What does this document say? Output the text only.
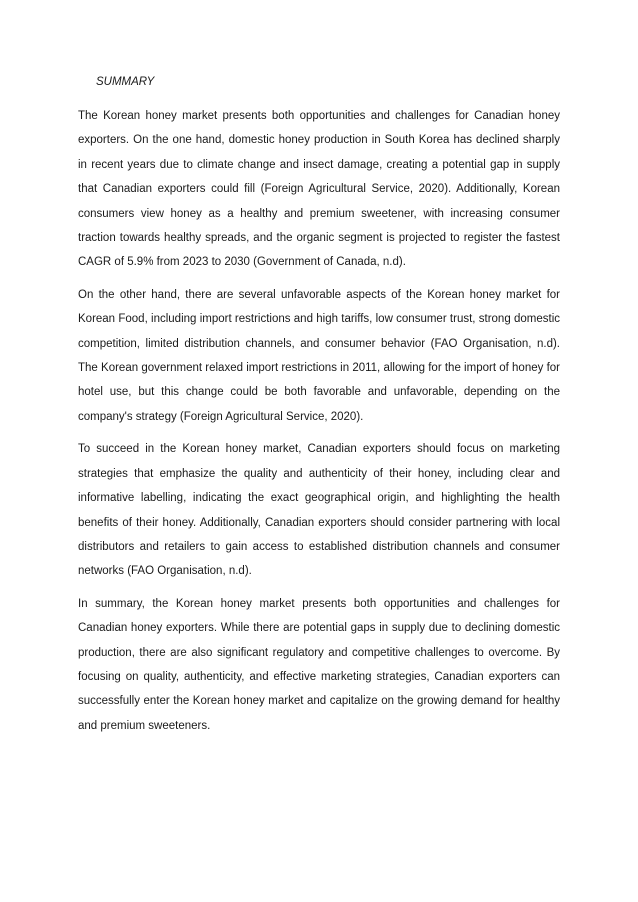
SUMMARY

The Korean honey market presents both opportunities and challenges for Canadian honey exporters. On the one hand, domestic honey production in South Korea has declined sharply in recent years due to climate change and insect damage, creating a potential gap in supply that Canadian exporters could fill (Foreign Agricultural Service, 2020). Additionally, Korean consumers view honey as a healthy and premium sweetener, with increasing consumer traction towards healthy spreads, and the organic segment is projected to register the fastest CAGR of 5.9% from 2023 to 2030 (Government of Canada, n.d).

On the other hand, there are several unfavorable aspects of the Korean honey market for Korean Food, including import restrictions and high tariffs, low consumer trust, strong domestic competition, limited distribution channels, and consumer behavior (FAO Organisation, n.d). The Korean government relaxed import restrictions in 2011, allowing for the import of honey for hotel use, but this change could be both favorable and unfavorable, depending on the company's strategy (Foreign Agricultural Service, 2020).

To succeed in the Korean honey market, Canadian exporters should focus on marketing strategies that emphasize the quality and authenticity of their honey, including clear and informative labelling, indicating the exact geographical origin, and highlighting the health benefits of their honey. Additionally, Canadian exporters should consider partnering with local distributors and retailers to gain access to established distribution channels and consumer networks (FAO Organisation, n.d).

In summary, the Korean honey market presents both opportunities and challenges for Canadian honey exporters. While there are potential gaps in supply due to declining domestic production, there are also significant regulatory and competitive challenges to overcome. By focusing on quality, authenticity, and effective marketing strategies, Canadian exporters can successfully enter the Korean honey market and capitalize on the growing demand for healthy and premium sweeteners.
